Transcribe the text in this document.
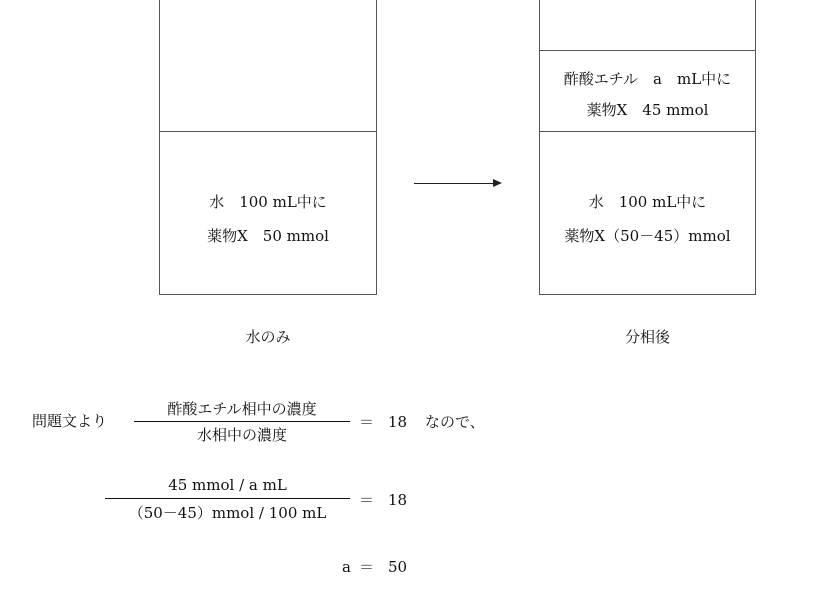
水　100 mL中に
薬物X　50 mmol
水のみ
酢酸エチル　a　mL中に
薬物X　45 mmol
水　100 mL中に
薬物X（50－45）mmol
分相後
問題文より
酢酸エチル相中の濃度
水相中の濃度
＝ 18 なので、
45 mmol / a mL
（50－45）mmol / 100 mL
＝ 18
a ＝ 50
